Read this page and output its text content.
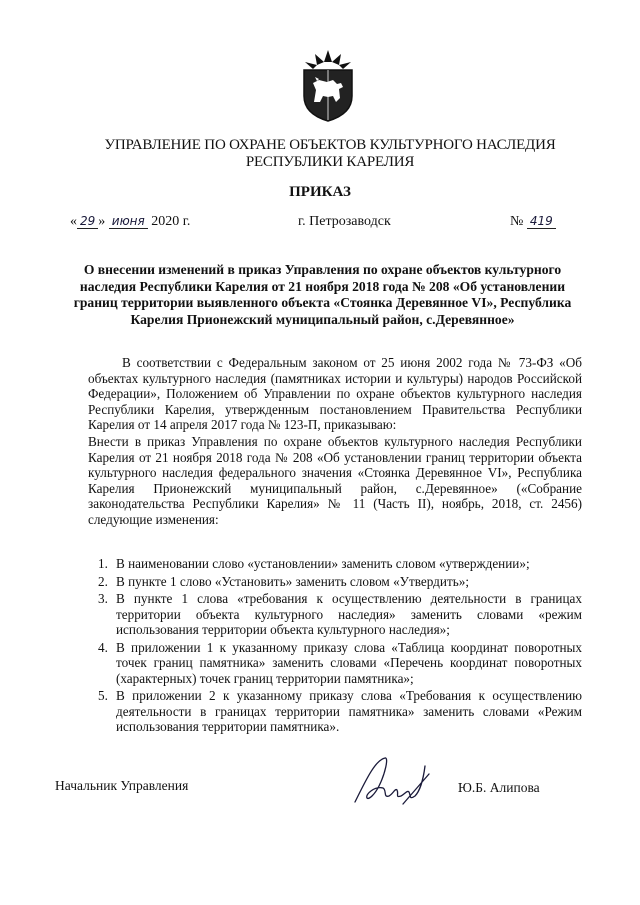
УПРАВЛЕНИЕ ПО ОХРАНЕ ОБЪЕКТОВ КУЛЬТУРНОГО НАСЛЕДИЯ
РЕСПУБЛИКИ КАРЕЛИЯ
ПРИКАЗ
« 29 » июня 2020 г.	г. Петрозаводск	№ 419
О внесении изменений в приказ Управления по охране объектов культурного наследия Республики Карелия от 21 ноября 2018 года № 208 «Об установлении границ территории выявленного объекта «Стоянка Деревянное VI», Республика Карелия Прионежский муниципальный район, с.Деревянное»
В соответствии с Федеральным законом от 25 июня 2002 года № 73-ФЗ «Об объектах культурного наследия (памятниках истории и культуры) народов Российской Федерации», Положением об Управлении по охране объектов культурного наследия Республики Карелия, утвержденным постановлением Правительства Республики Карелия от 14 апреля 2017 года № 123-П, приказываю:
Внести в приказ Управления по охране объектов культурного наследия Республики Карелия от 21 ноября 2018 года № 208 «Об установлении границ территории объекта культурного наследия федерального значения «Стоянка Деревянное VI», Республика Карелия Прионежский муниципальный район, с.Деревянное» («Собрание законодательства Республики Карелия» № 11 (Часть II), ноябрь, 2018, ст. 2456) следующие изменения:
1. В наименовании слово «установлении» заменить словом «утверждении»;
2. В пункте 1 слово «Установить» заменить словом «Утвердить»;
3. В пункте 1 слова «требования к осуществлению деятельности в границах территории объекта культурного наследия» заменить словами «режим использования территории объекта культурного наследия»;
4. В приложении 1 к указанному приказу слова «Таблица координат поворотных точек границ памятника» заменить словами «Перечень координат поворотных (характерных) точек границ территории памятника»;
5. В приложении 2 к указанному приказу слова «Требования к осуществлению деятельности в границах территории памятника» заменить словами «Режим использования территории памятника».
Начальник Управления	Ю.Б. Алипова
